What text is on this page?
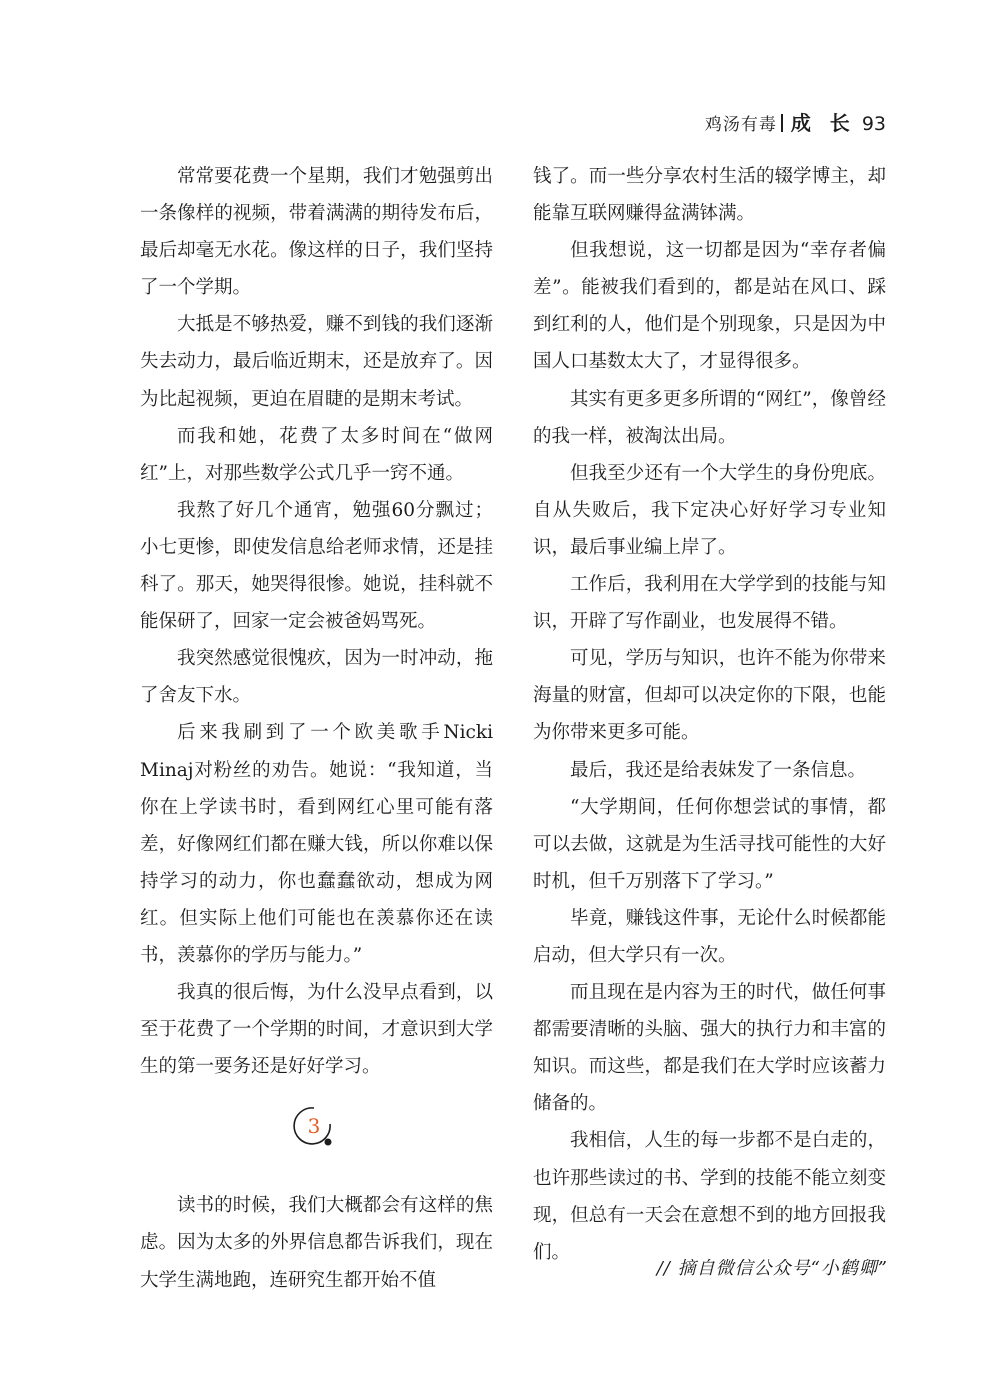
鸡汤有毒 成 长 93

常常要花费一个星期，我们才勉强剪出一条像样的视频，带着满满的期待发布后，最后却毫无水花。像这样的日子，我们坚持了一个学期。

大抵是不够热爱，赚不到钱的我们逐渐失去动力，最后临近期末，还是放弃了。因为比起视频，更迫在眉睫的是期末考试。

而我和她，花费了太多时间在“做网红”上，对那些数学公式几乎一窍不通。

我熬了好几个通宵，勉强60分飘过；小七更惨，即使发信息给老师求情，还是挂科了。那天，她哭得很惨。她说，挂科就不能保研了，回家一定会被爸妈骂死。

我突然感觉很愧疚，因为一时冲动，拖了舍友下水。

后来我刷到了一个欧美歌手Nicki Minaj对粉丝的劝告。她说：“我知道，当你在上学读书时，看到网红心里可能有落差，好像网红们都在赚大钱，所以你难以保持学习的动力，你也蠢蠢欲动，想成为网红。但实际上他们可能也在羡慕你还在读书，羡慕你的学历与能力。”

我真的很后悔，为什么没早点看到，以至于花费了一个学期的时间，才意识到大学生的第一要务还是好好学习。

3

读书的时候，我们大概都会有这样的焦虑。因为太多的外界信息都告诉我们，现在大学生满地跑，连研究生都开始不值

钱了。而一些分享农村生活的辍学博主，却能靠互联网赚得盆满钵满。

但我想说，这一切都是因为“幸存者偏差”。能被我们看到的，都是站在风口、踩到红利的人，他们是个别现象，只是因为中国人口基数太大了，才显得很多。

其实有更多更多所谓的“网红”，像曾经的我一样，被淘汰出局。

但我至少还有一个大学生的身份兜底。自从失败后，我下定决心好好学习专业知识，最后事业编上岸了。

工作后，我利用在大学学到的技能与知识，开辟了写作副业，也发展得不错。

可见，学历与知识，也许不能为你带来海量的财富，但却可以决定你的下限，也能为你带来更多可能。

最后，我还是给表妹发了一条信息。

“大学期间，任何你想尝试的事情，都可以去做，这就是为生活寻找可能性的大好时机，但千万别落下了学习。”

毕竟，赚钱这件事，无论什么时候都能启动，但大学只有一次。

而且现在是内容为王的时代，做任何事都需要清晰的头脑、强大的执行力和丰富的知识。而这些，都是我们在大学时应该蓄力储备的。

我相信，人生的每一步都不是白走的，也许那些读过的书、学到的技能不能立刻变现，但总有一天会在意想不到的地方回报我们。

// 摘自微信公众号“小鹤卿”
